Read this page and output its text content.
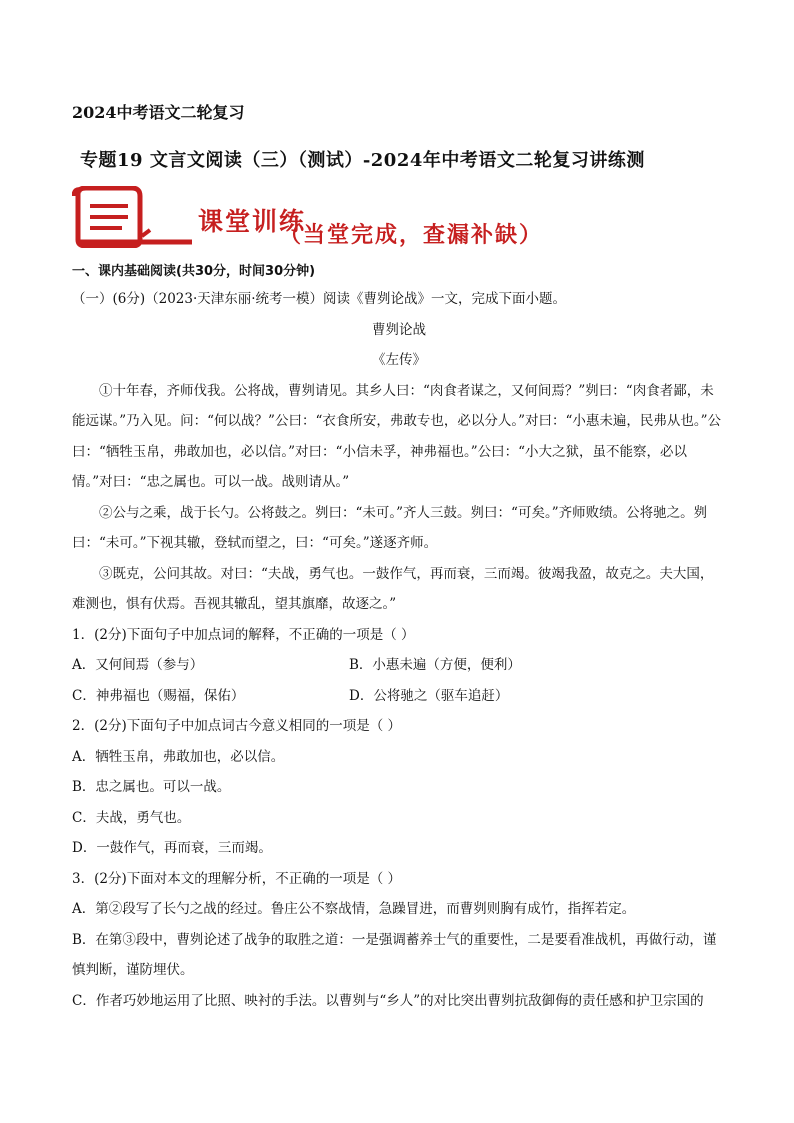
2024中考语文二轮复习
专题19 文言文阅读（三）（测试）-2024年中考语文二轮复习讲练测
课堂训练
（当堂完成，查漏补缺）
一、课内基础阅读(共30分，时间30分钟)
（一）(6分)（2023·天津东丽·统考一模）阅读《曹刿论战》一文，完成下面小题。
曹刿论战
《左传》
①十年春，齐师伐我。公将战，曹刿请见。其乡人曰：“肉食者谋之，又何间焉？”刿曰：“肉食者鄙，未能远谋。”乃入见。问：“何以战？”公曰：“衣食所安，弗敢专也，必以分人。”对曰：“小惠未遍，民弗从也。”公曰：“牺牲玉帛，弗敢加也，必以信。”对曰：“小信未孚，神弗福也。”公曰：“小大之狱，虽不能察，必以情。”对曰：“忠之属也。可以一战。战则请从。”
②公与之乘，战于长勺。公将鼓之。刿曰：“未可。”齐人三鼓。刿曰：“可矣。”齐师败绩。公将驰之。刿曰：“未可。”下视其辙，登轼而望之，曰：“可矣。”遂逐齐师。
③既克，公问其故。对曰：“夫战，勇气也。一鼓作气，再而衰，三而竭。彼竭我盈，故克之。夫大国，难测也，惧有伏焉。吾视其辙乱，望其旗靡，故逐之。”
1．(2分)下面句子中加点词的解释，不正确的一项是（ ）
A．又何间焉（参与）	B．小惠未遍（方便，便利）
C．神弗福也（赐福，保佑）	D．公将驰之（驱车追赶）
2．(2分)下面句子中加点词古今意义相同的一项是（ ）
A．牺牲玉帛，弗敢加也，必以信。
B．忠之属也。可以一战。
C．夫战，勇气也。
D．一鼓作气，再而衰，三而竭。
3．(2分)下面对本文的理解分析，不正确的一项是（ ）
A．第②段写了长勺之战的经过。鲁庄公不察战情，急躁冒进，而曹刿则胸有成竹，指挥若定。
B．在第③段中，曹刿论述了战争的取胜之道：一是强调蓄养士气的重要性，二是要看准战机，再做行动，谨慎判断，谨防埋伏。
C．作者巧妙地运用了比照、映衬的手法。以曹刿与“乡人”的对比突出曹刿抗敌御侮的责任感和护卫宗国的
